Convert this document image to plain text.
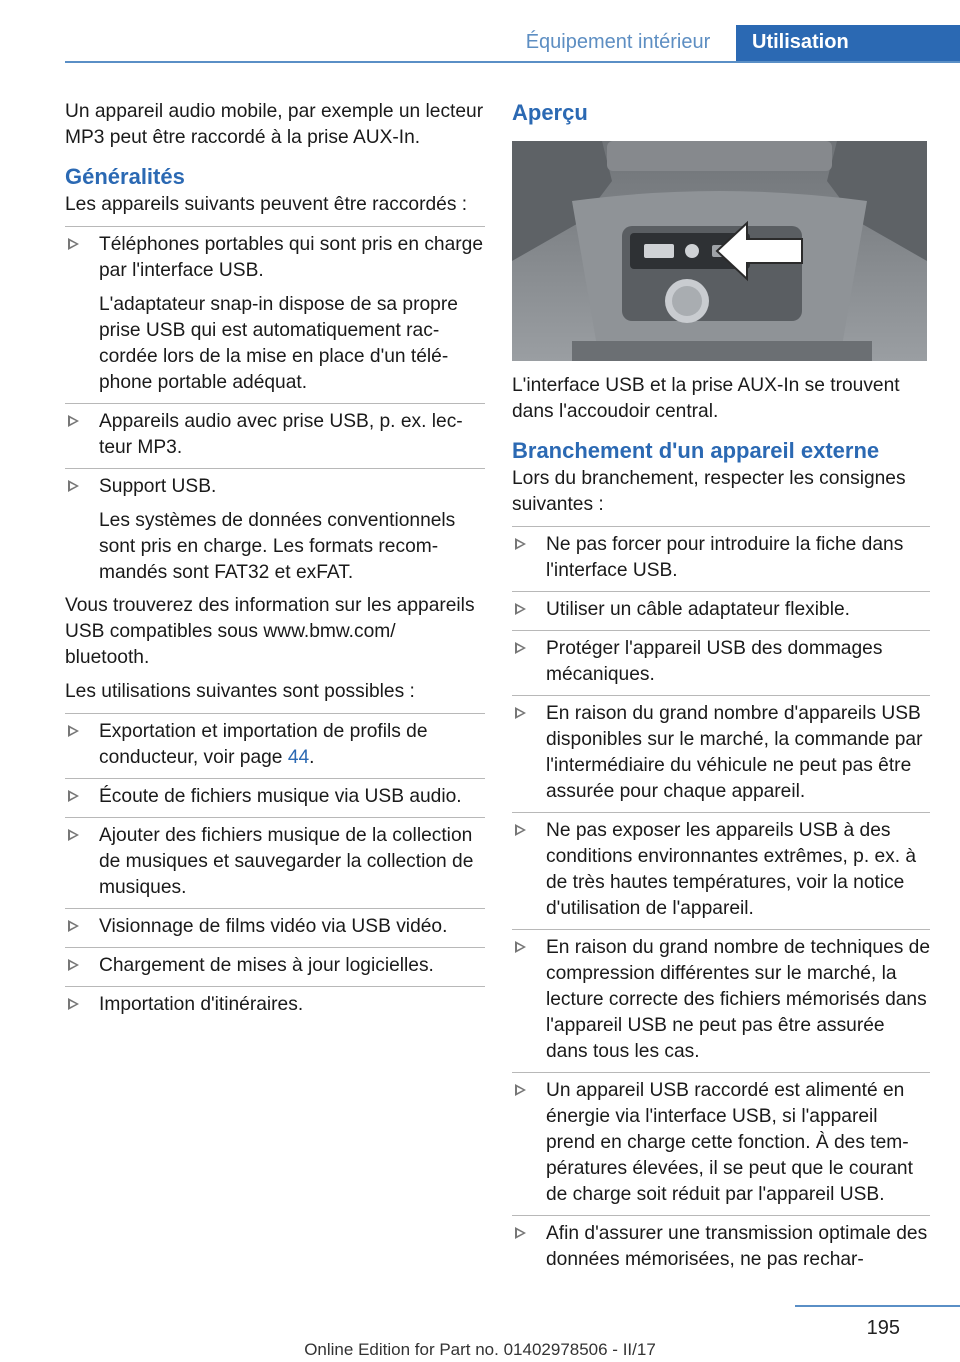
Équipement intérieur	Utilisation

Un appareil audio mobile, par exemple un lecteur MP3 peut être raccordé à la prise AUX-In.

Généralités

Les appareils suivants peuvent être raccordés :

Téléphones portables qui sont pris en charge par l'interface USB.

L'adaptateur snap-in dispose de sa propre prise USB qui est automatiquement raccordée lors de la mise en place d'un téléphone portable adéquat.

Appareils audio avec prise USB, p. ex. lecteur MP3.

Support USB.

Les systèmes de données conventionnels sont pris en charge. Les formats recommandés sont FAT32 et exFAT.

Vous trouverez des information sur les appareils USB compatibles sous www.bmw.com/ bluetooth.

Les utilisations suivantes sont possibles :

Exportation et importation de profils de conducteur, voir page 44.

Écoute de fichiers musique via USB audio.

Ajouter des fichiers musique de la collection de musiques et sauvegarder la collection de musiques.

Visionnage de films vidéo via USB vidéo.

Chargement de mises à jour logicielles.

Importation d'itinéraires.

Aperçu

L'interface USB et la prise AUX-In se trouvent dans l'accoudoir central.

Branchement d'un appareil externe

Lors du branchement, respecter les consignes suivantes :

Ne pas forcer pour introduire la fiche dans l'interface USB.

Utiliser un câble adaptateur flexible.

Protéger l'appareil USB des dommages mécaniques.

En raison du grand nombre d'appareils USB disponibles sur le marché, la commande par l'intermédiaire du véhicule ne peut pas être assurée pour chaque appareil.

Ne pas exposer les appareils USB à des conditions environnantes extrêmes, p. ex. à de très hautes températures, voir la notice d'utilisation de l'appareil.

En raison du grand nombre de techniques de compression différentes sur le marché, la lecture correcte des fichiers mémorisés dans l'appareil USB ne peut pas être assurée dans tous les cas.

Un appareil USB raccordé est alimenté en énergie via l'interface USB, si l'appareil prend en charge cette fonction. À des températures élevées, il se peut que le courant de charge soit réduit par l'appareil USB.

Afin d'assurer une transmission optimale des données mémorisées, ne pas rechar-

195
Online Edition for Part no. 01402978506 - II/17
